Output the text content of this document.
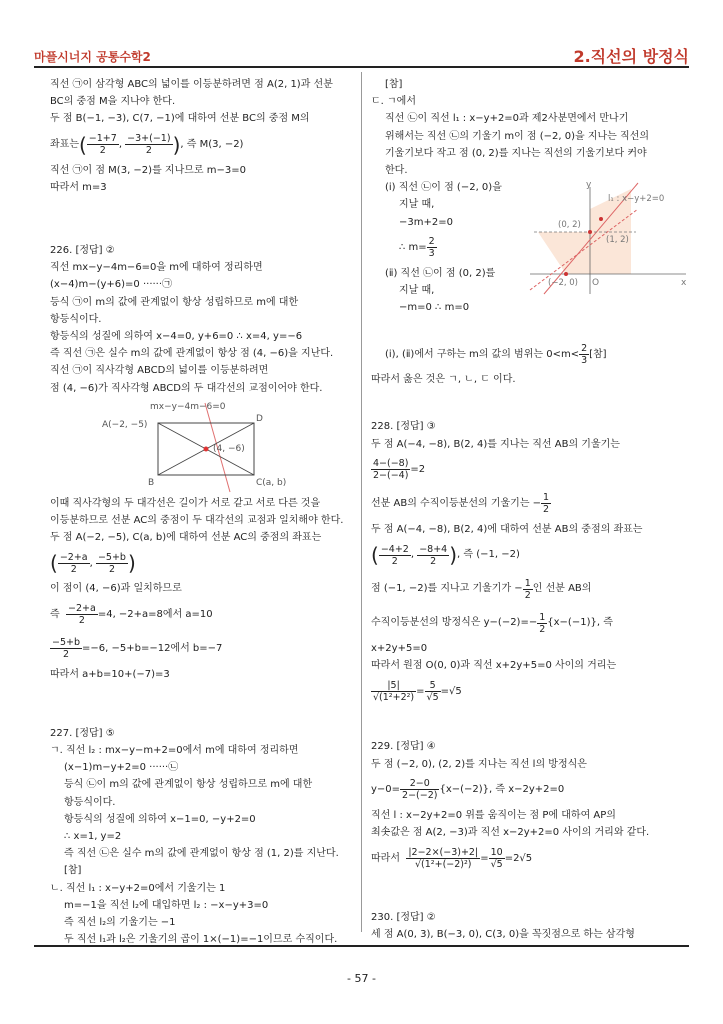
마플시너지 공통수학2	2.직선의 방정식

직선 ㉠이 삼각형 ABC의 넓이를 이등분하려면 점 A(2, 1)과 선분

BC의 중점 M을 지나야 한다.

두 점 B(−1, −3), C(7, −1)에 대하여 선분 BC의 중점 M의

좌표는 ( $\frac{-1+7}{2}$ , $\frac{-3+(-1)}{2}$ ) , 즉 M(3, −2)

직선 ㉠이 점 M(3, −2)를 지나므로 m−3=0

따라서 m=3

226. [정답] ②

직선 mx−y−4m−6=0을 m에 대하여 정리하면

(x−4)m−(y+6)=0 ······㉠

등식 ㉠이 m의 값에 관계없이 항상 성립하므로 m에 대한

항등식이다.

항등식의 성질에 의하여 x−4=0, y+6=0 ∴ x=4, y=−6

즉 직선 ㉠은 실수 m의 값에 관계없이 항상 점 (4, −6)을 지난다.

직선 ㉠이 직사각형 ABCD의 넓이를 이등분하려면

점 (4, −6)가 직사각형 ABCD의 두 대각선의 교점이어야 한다.

mx−y−4m−6=0
A(−2, −5)
B	C(a, b)
D
(4, −6)

이때 직사각형의 두 대각선은 길이가 서로 같고 서로 다른 것을

이등분하므로 선분 AC의 중점이 두 대각선의 교점과 일치해야 한다.

두 점 A(−2, −5), C(a, b)에 대하여 선분 AC의 중점의 좌표는

( $\frac{-2+a}{2}$ , $\frac{-5+b}{2}$ )

이 점이 (4, −6)과 일치하므로

즉
$\frac{-2+a}{2} =4$, −2+a=8에서 a=10
$\frac{-5+b}{2} =-6$, −5+b=−12에서 b=−7

따라서 a+b=10+(−7)=3

227. [정답] ⑤

ㄱ. 직선 l₂ : mx−y−m+2=0에서 m에 대하여 정리하면

(x−1)m−y+2=0 ······㉡

등식 ㉡이 m의 값에 관계없이 항상 성립하므로 m에 대한

항등식이다.

항등식의 성질에 의하여 x−1=0, −y+2=0

∴ x=1, y=2

즉 직선 ㉡은 실수 m의 값에 관계없이 항상 점 (1, 2)를 지난다.

[참]

ㄴ. 직선 l₁ : x−y+2=0에서 기울기는 1

m=−1을 직선 l₂에 대입하면 l₂ : −x−y+3=0

즉 직선 l₂의 기울기는 −1

두 직선 l₁과 l₂은 기울기의 곱이 1×(−1)=−1이므로 수직이다.

[참]

ㄷ. ㄱ에서

직선 ㉡이 직선 l₁ : x−y+2=0과 제2사분면에서 만나기

위해서는 직선 ㉡의 기울기 m이 점 (−2, 0)을 지나는 직선의

기울기보다 작고 점 (0, 2)를 지나는 직선의 기울기보다 커야

한다.

(ⅰ) 직선 ㉡이 점 (−2, 0)을

지날 때,

−3m+2=0

∴ $m= \frac{2}{3}$

(ⅱ) 직선 ㉡이 점 (0, 2)를

지날 때,

−m=0 ∴ m=0

y
x
O
l₁ : x−y+2=0
(0, 2)
(1, 2)
(−2, 0)
(ⅰ), (ⅱ)에서 구하는 m의 값의 범위는 $0<m< \frac{2}{3}$ [참]

따라서 옳은 것은 ㄱ, ㄴ, ㄷ 이다.

228. [정답] ③

두 점 A(−4, −8), B(2, 4)를 지나는 직선 AB의 기울기는

$\frac{4-(-8)}{2-(-4)} =2$
선분 AB의 수직이등분선의 기울기는 − $\frac{1}{2}$

두 점 A(−4, −8), B(2, 4)에 대하여 선분 AB의 중점의 좌표는

( $\frac{-4+2}{2}$ , $\frac{-8+4}{2}$ ) , 즉 (−1, −2)
점 (−1, −2)를 지나고 기울기가 − $\frac{1}{2}$ 인 선분 AB의
수직이등분선의 방정식은 $y-(-2)=- \frac{1}{2} \{x-(-1)\}$, 즉

x+2y+5=0

따라서 원점 O(0, 0)과 직선 x+2y+5=0 사이의 거리는

$\frac{|5|}{\text{√(1²+2²)}} = \frac{5}{√5} =√5$

229. [정답] ④

두 점 (−2, 0), (2, 2)를 지나는 직선 l의 방정식은

$y-0= \frac{2-0}{2-(-2)} \{x-(-2)\}$, 즉 x−2y+2=0

직선 l : x−2y+2=0 위를 움직이는 점 P에 대하여 AP의

최솟값은 점 A(2, −3)과 직선 x−2y+2=0 사이의 거리와 같다.

따라서
$\frac{|2-2\times(-3)+2|}{\text{√(1²+(−2)²)}} = \frac{10}{√5} =2√5$

230. [정답] ②

세 점 A(0, 3), B(−3, 0), C(3, 0)을 꼭짓점으로 하는 삼각형

- 57 -
